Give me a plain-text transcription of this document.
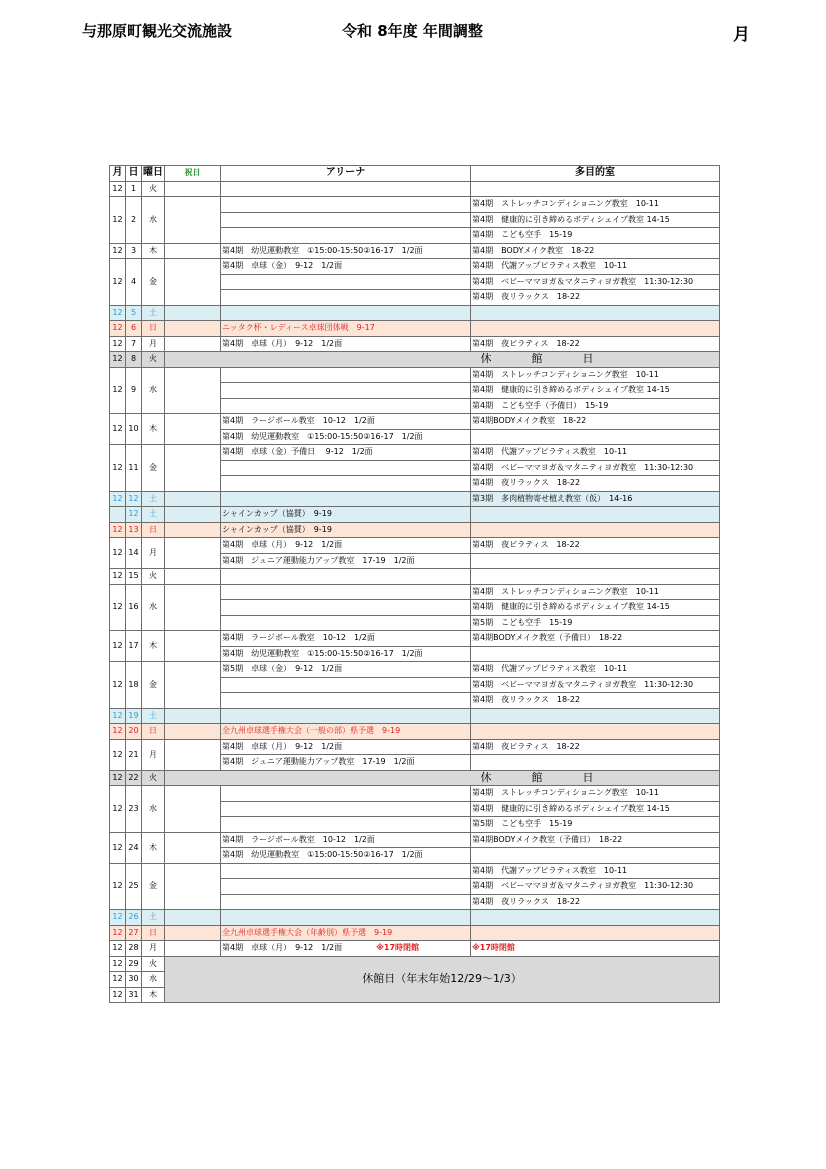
与那原町観光交流施設	令和 8年度 年間調整	月
月	日	曜日	祝日	アリーナ	多目的室
12	1	火			
12	2	水			第4期　ストレッチコンディショニング教室　10-11
					第4期　健康的に引き締めるボディシェイプ教室 14-15
					第4期　こども空手　15-19
12	3	木		第4期　幼児運動教室　①15:00-15:50②16-17　1/2面	第4期　BODYメイク教室　18-22
12	4	金		第4期　卓球（金）　9-12　1/2面	第4期　代謝アップピラティス教室　10-11
					第4期　ベビーママヨガ＆マタニティヨガ教室　11:30-12:30
					第4期　夜リラックス　18-22
12	5	土			
12	6	日		ニッタク杯・レディース卓球団体戦　9-17	
12	7	月		第4期　卓球（月）　9-12　1/2面	第4期　夜ピラティス　18-22
12	8	火	休 館 日		
12	9	水			第4期　ストレッチコンディショニング教室　10-11
					第4期　健康的に引き締めるボディシェイプ教室 14-15
					第4期　こども空手（予備日）　15-19
12	10	木		第4期　ラージボール教室　10-12　1/2面	第4期BODYメイク教室　18-22
				第4期　幼児運動教室　①15:00-15:50②16-17　1/2面	
12	11	金		第4期　卓球（金）予備日　 9-12　1/2面	第4期　代謝アップピラティス教室　10-11
					第4期　ベビーママヨガ＆マタニティヨガ教室　11:30-12:30
					第4期　夜リラックス　18-22
12	12	土			第3期　多肉植物寄せ植え教室（仮）　14-16
	12	土		シャインカップ（協賛）　9-19	
12	13	日		シャインカップ（協賛）　9-19	
12	14	月		第4期　卓球（月）　9-12　1/2面	第4期　夜ピラティス　18-22
				第4期　ジュニア運動能力アップ教室　17-19　1/2面	
12	15	火			
12	16	水			第4期　ストレッチコンディショニング教室　10-11
					第4期　健康的に引き締めるボディシェイプ教室 14-15
					第5期　こども空手　15-19
12	17	木		第4期　ラージボール教室　10-12　1/2面	第4期BODYメイク教室（予備日）　18-22
				第4期　幼児運動教室　①15:00-15:50②16-17　1/2面	
12	18	金		第5期　卓球（金）　9-12　1/2面	第4期　代謝アップピラティス教室　10-11
					第4期　ベビーママヨガ＆マタニティヨガ教室　11:30-12:30
					第4期　夜リラックス　18-22
12	19	土			
12	20	日		全九州卓球選手権大会（一般の部）県予選　9-19	
12	21	月		第4期　卓球（月）　9-12　1/2面	第4期　夜ピラティス　18-22
				第4期　ジュニア運動能力アップ教室　17-19　1/2面	
12	22	火	休 館 日		
12	23	水			第4期　ストレッチコンディショニング教室　10-11
					第4期　健康的に引き締めるボディシェイプ教室 14-15
					第5期　こども空手　15-19
12	24	木		第4期　ラージボール教室　10-12　1/2面	第4期BODYメイク教室（予備日）　18-22
				第4期　幼児運動教室　①15:00-15:50②16-17　1/2面	
12	25	金			第4期　代謝アップピラティス教室　10-11
					第4期　ベビーママヨガ＆マタニティヨガ教室　11:30-12:30
					第4期　夜リラックス　18-22
12	26	土			
12	27	日		全九州卓球選手権大会（年齢別）県予選　9-19	
12	28	月		第4期　卓球（月）　9-12　1/2面 ※17時閉館	※17時閉館
12	29	火	休館日（年末年始12/29～1/3）		
12	30	水			
12	31	木			
